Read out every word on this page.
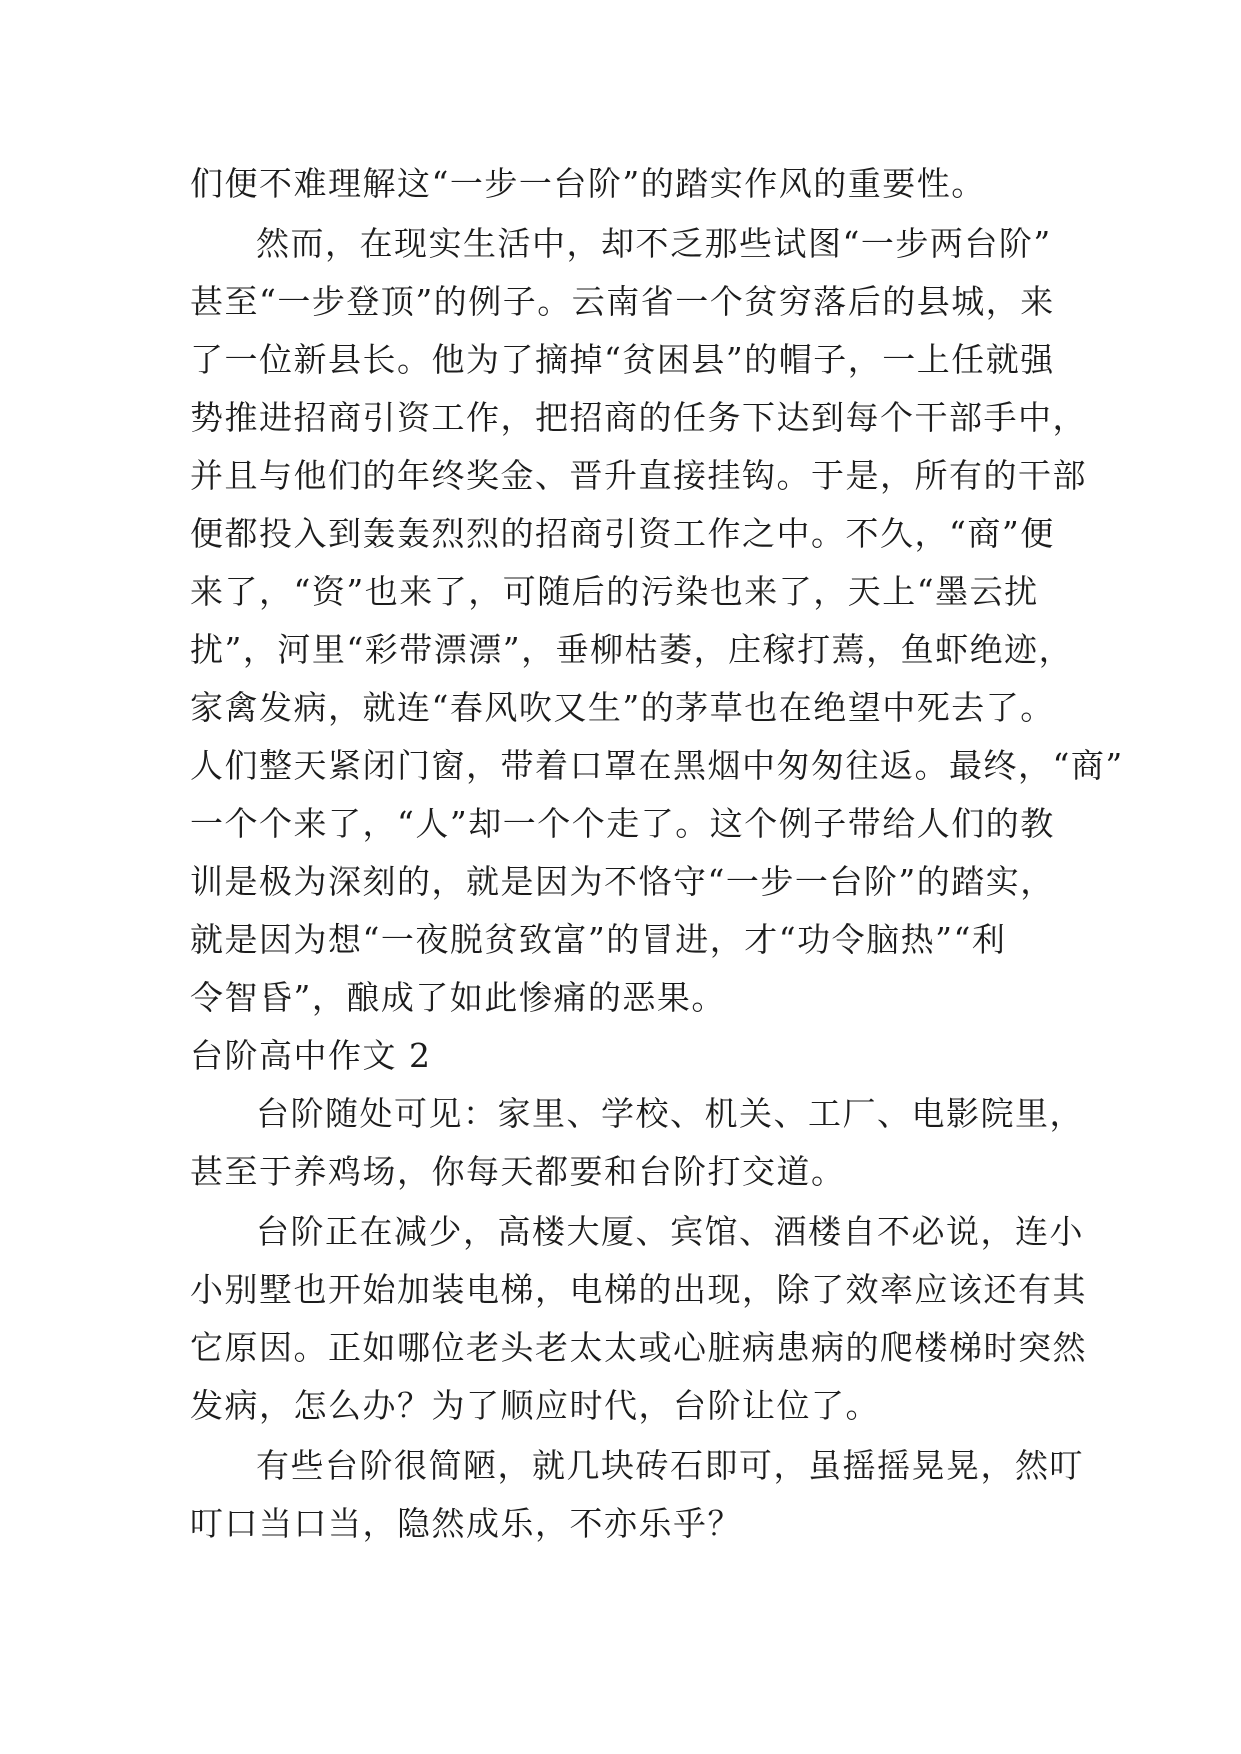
们便不难理解这“一步一台阶”的踏实作风的重要性。
然而，在现实生活中，却不乏那些试图“一步两台阶”
甚至“一步登顶”的例子。云南省一个贫穷落后的县城，来
了一位新县长。他为了摘掉“贫困县”的帽子，一上任就强
势推进招商引资工作，把招商的任务下达到每个干部手中，
并且与他们的年终奖金、晋升直接挂钩。于是，所有的干部
便都投入到轰轰烈烈的招商引资工作之中。不久，“商”便
来了，“资”也来了，可随后的污染也来了，天上“墨云扰
扰”，河里“彩带漂漂”，垂柳枯萎，庄稼打蔫，鱼虾绝迹，
家禽发病，就连“春风吹又生”的茅草也在绝望中死去了。
人们整天紧闭门窗，带着口罩在黑烟中匆匆往返。最终，“商”
一个个来了，“人”却一个个走了。这个例子带给人们的教
训是极为深刻的，就是因为不恪守“一步一台阶”的踏实，
就是因为想“一夜脱贫致富”的冒进，才“功令脑热”“利
令智昏”，酿成了如此惨痛的恶果。
台阶高中作文 2
台阶随处可见：家里、学校、机关、工厂、电影院里，
甚至于养鸡场，你每天都要和台阶打交道。
台阶正在减少，高楼大厦、宾馆、酒楼自不必说，连小
小别墅也开始加装电梯，电梯的出现，除了效率应该还有其
它原因。正如哪位老头老太太或心脏病患病的爬楼梯时突然
发病，怎么办？为了顺应时代，台阶让位了。
有些台阶很简陋，就几块砖石即可，虽摇摇晃晃，然叮
叮口当口当，隐然成乐，不亦乐乎？
